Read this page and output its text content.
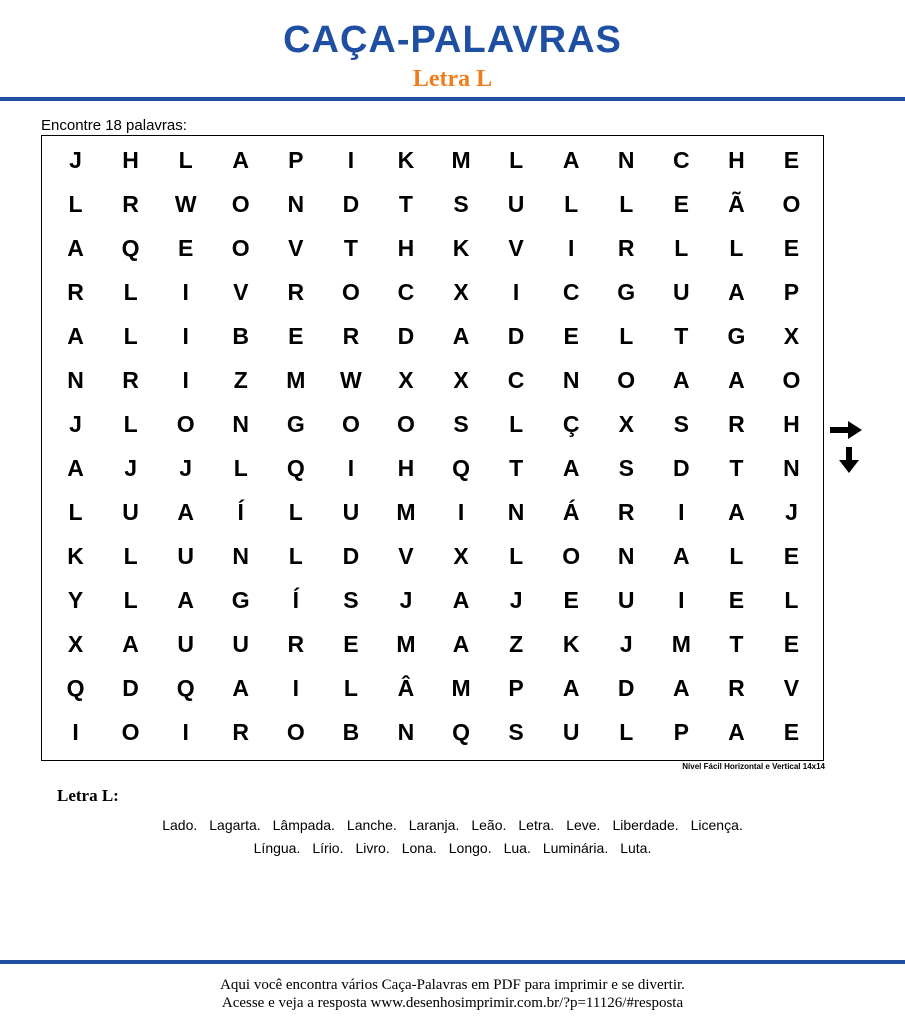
CAÇA-PALAVRAS
Letra L
Encontre 18 palavras:
J	H	L	A	P	I	K	M	L	A	N	C	H	E
L	R	W	O	N	D	T	S	U	L	L	E	Ã	O
A	Q	E	O	V	T	H	K	V	I	R	L	L	E
R	L	I	V	R	O	C	X	I	C	G	U	A	P
A	L	I	B	E	R	D	A	D	E	L	T	G	X
N	R	I	Z	M	W	X	X	C	N	O	A	A	O
J	L	O	N	G	O	O	S	L	Ç	X	S	R	H
A	J	J	L	Q	I	H	Q	T	A	S	D	T	N
L	U	A	Í	L	U	M	I	N	Á	R	I	A	J
K	L	U	N	L	D	V	X	L	O	N	A	L	E
Y	L	A	G	Í	S	J	A	J	E	U	I	E	L
X	A	U	U	R	E	M	A	Z	K	J	M	T	E
Q	D	Q	A	I	L	Â	M	P	A	D	A	R	V
I	O	I	R	O	B	N	Q	S	U	L	P	A	E
Nível Fácil Horizontal e Vertical 14x14
Letra L:
Lado. Lagarta. Lâmpada. Lanche. Laranja. Leão. Letra. Leve. Liberdade. Licença.
Língua. Lírio. Livro. Lona. Longo. Lua. Luminária. Luta.
Aqui você encontra vários Caça-Palavras em PDF para imprimir e se divertir.
Acesse e veja a resposta www.desenhosimprimir.com.br/?p=11126/#resposta
